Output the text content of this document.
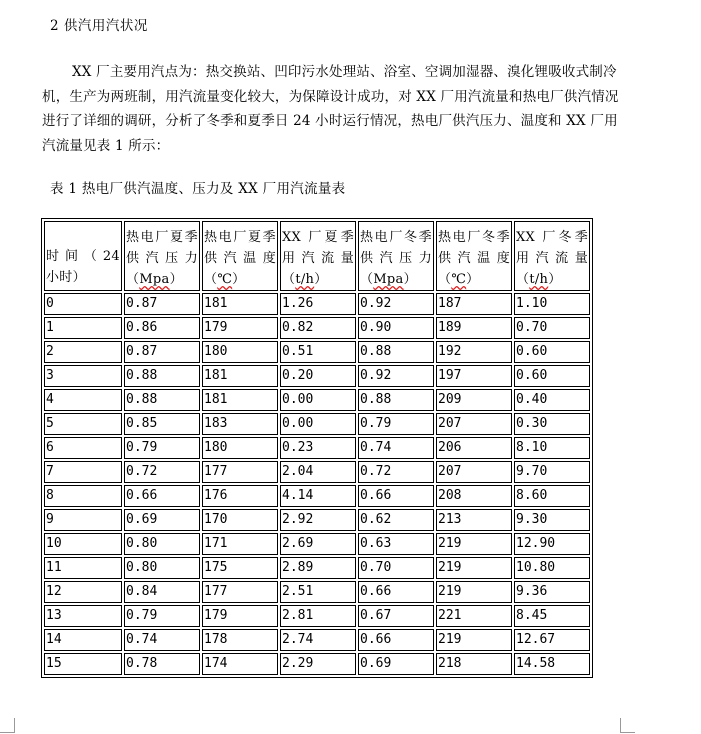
2 供汽用汽状况
XX 厂主要用汽点为：热交换站、凹印污水处理站、浴室、空调加湿器、溴化锂吸收式制冷机，生产为两班制，用汽流量变化较大，为保障设计成功，对 XX 厂用汽流量和热电厂供汽情况进行了详细的调研，分析了冬季和夏季日 24 小时运行情况，热电厂供汽压力、温度和 XX 厂用汽流量见表 1 所示：
表 1 热电厂供汽温度、压力及 XX 厂用汽流量表
时间（24 小时）	热电厂夏季供汽压力（Mpa）	热电厂夏季供汽温度（℃）	XX 厂夏季用汽流量（t/h）	热电厂冬季供汽压力（Mpa）	热电厂冬季供汽温度（℃）	XX 厂冬季用汽流量（t/h）
0	0.87	181	1.26	0.92	187	1.10
1	0.86	179	0.82	0.90	189	0.70
2	0.87	180	0.51	0.88	192	0.60
3	0.88	181	0.20	0.92	197	0.60
4	0.88	181	0.00	0.88	209	0.40
5	0.85	183	0.00	0.79	207	0.30
6	0.79	180	0.23	0.74	206	8.10
7	0.72	177	2.04	0.72	207	9.70
8	0.66	176	4.14	0.66	208	8.60
9	0.69	170	2.92	0.62	213	9.30
10	0.80	171	2.69	0.63	219	12.90
11	0.80	175	2.89	0.70	219	10.80
12	0.84	177	2.51	0.66	219	9.36
13	0.79	179	2.81	0.67	221	8.45
14	0.74	178	2.74	0.66	219	12.67
15	0.78	174	2.29	0.69	218	14.58
